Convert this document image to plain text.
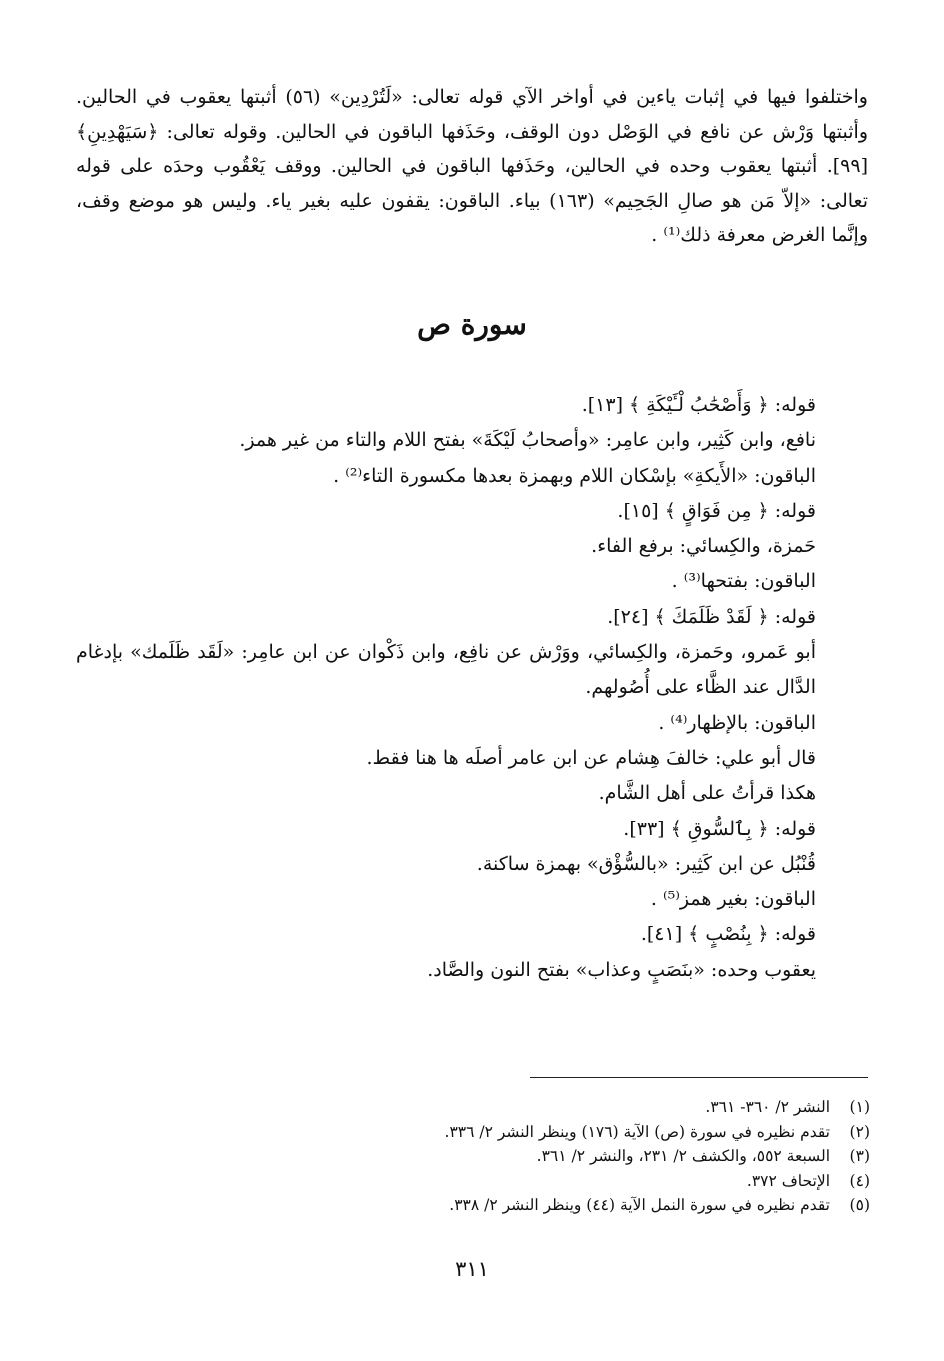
واختلفوا فيها في إثبات ياءين في أواخر الآي قوله تعالى: «لَتُرْدِين» (٥٦) أثبتها يعقوب في الحالين. وأثبتها وَرْش عن نافع في الوَصْل دون الوقف، وحَذَفها الباقون في الحالين. وقوله تعالى: ﴿سَيَهْدِينِ﴾ [٩٩]. أثبتها يعقوب وحده في الحالين، وحَذَفها الباقون في الحالين. ووقف يَعْقُوب وحدَه على قوله تعالى: «إلاّ مَن هو صالِ الجَحِيم» (١٦٣) بياء. الباقون: يقفون عليه بغير ياء. وليس هو موضع وقف، وإنَّما الغرض معرفة ذلك⁽¹⁾ .

سورة ص

قوله: ﴿ وَأَصْحَٰبُ لْـَٔيْكَةِ ﴾ [١٣].

نافع، وابن كَثِير، وابن عامِر: «وأصحابُ لَيْكَةَ» بفتح اللام والتاء من غير همز.

الباقون: «الأَيكةِ» بإسْكان اللام وبهمزة بعدها مكسورة التاء⁽²⁾ .

قوله: ﴿ مِن فَوَاقٍ ﴾ [١٥].

حَمزة، والكِسائي: برفع الفاء.

الباقون: بفتحها⁽³⁾ .

قوله: ﴿ لَقَدْ ظَلَمَكَ ﴾ [٢٤].

أبو عَمرو، وحَمزة، والكِسائي، ووَرْش عن نافِع، وابن ذَكْوان عن ابن عامِر: «لَقَد ظَلَمك» بإدغام الدَّال عند الظَّاء على أُصُولهم.

الباقون: بالإظهار⁽⁴⁾ .

قال أبو علي: خالفَ هِشام عن ابن عامر أصلَه ها هنا فقط.

هكذا قرأتُ على أهل الشَّام.

قوله: ﴿ بِٱلسُّوقِ ﴾ [٣٣].

قُنْبُل عن ابن كَثِير: «بالسُّؤْق» بهمزة ساكنة.

الباقون: بغير همز⁽⁵⁾ .

قوله: ﴿ بِنُصْبٍ ﴾ [٤١].

يعقوب وحده: «بنَصَبٍ وعذاب» بفتح النون والصَّاد.

(١)
النشر ٢/ ٣٦٠- ٣٦١.
(٢)
تقدم نظيره في سورة (ص) الآية (١٧٦) وينظر النشر ٢/ ٣٣٦.
(٣)
السبعة ٥٥٢، والكشف ٢/ ٢٣١، والنشر ٢/ ٣٦١.
(٤)
الإتحاف ٣٧٢.
(٥)
تقدم نظيره في سورة النمل الآية (٤٤) وينظر النشر ٢/ ٣٣٨.
٣١١
